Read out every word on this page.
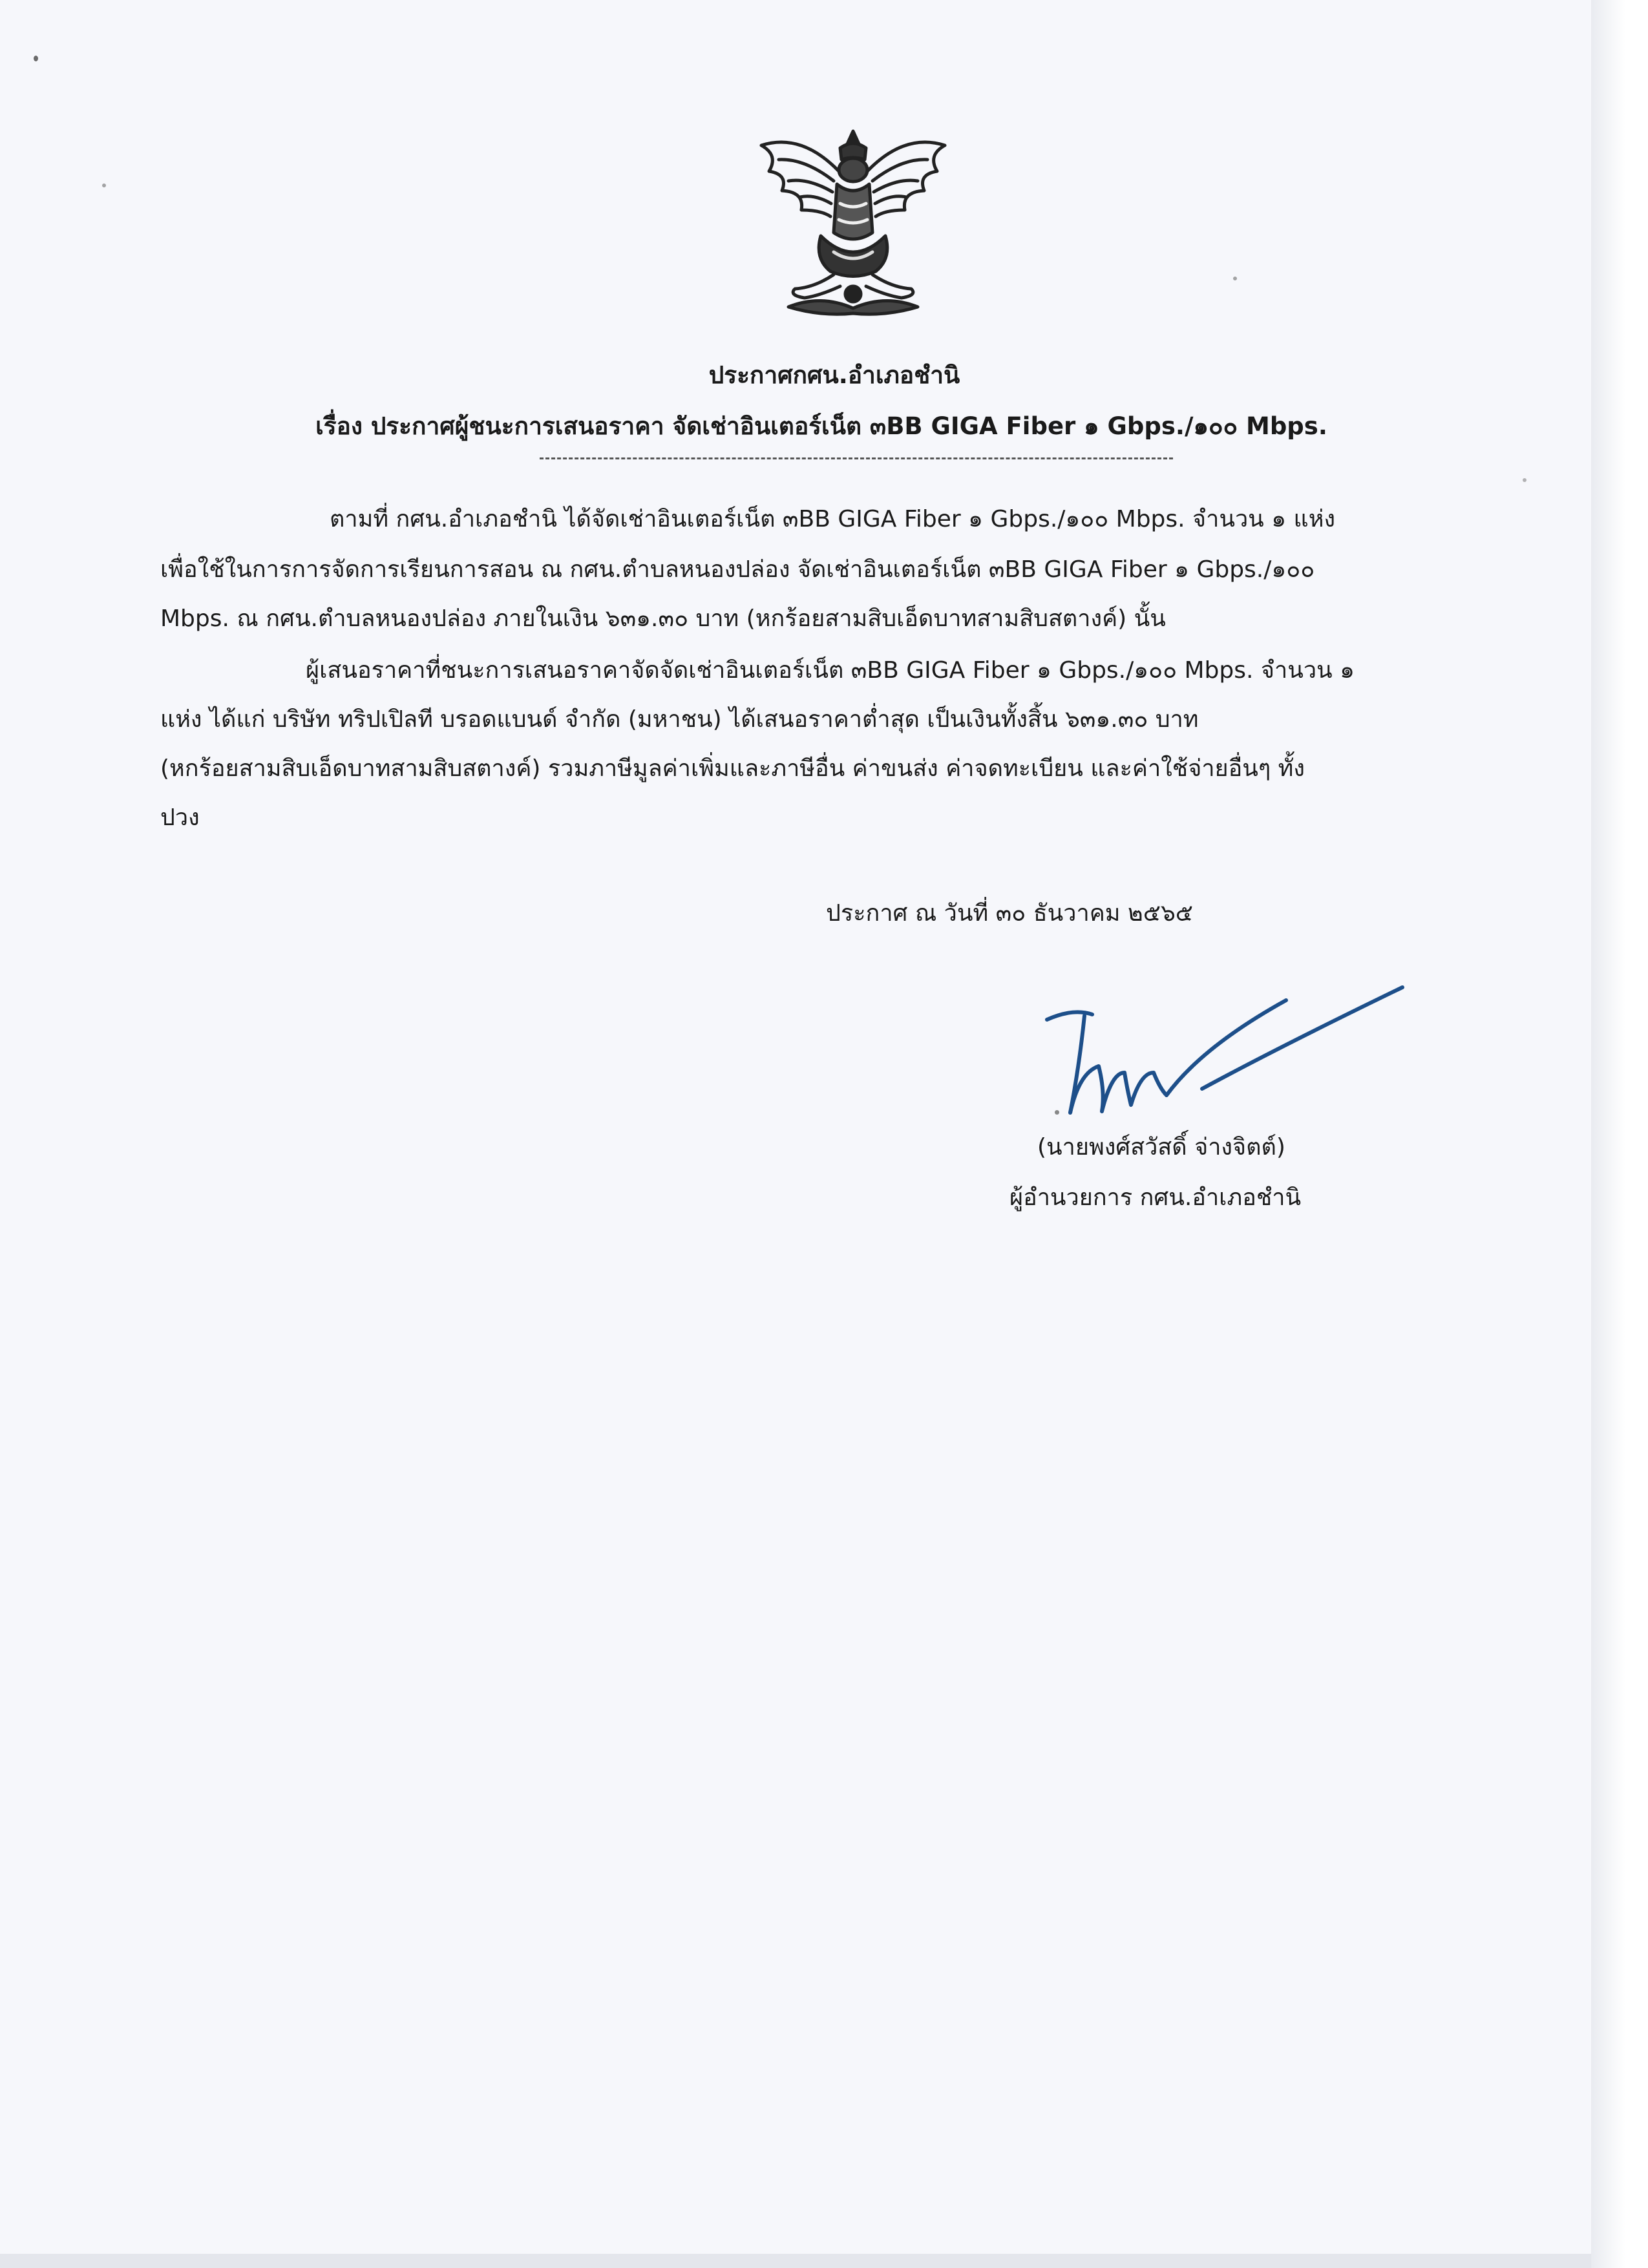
ประกาศกศน.อำเภอชำนิ
เรื่อง ประกาศผู้ชนะการเสนอราคา จัดเช่าอินเตอร์เน็ต ๓BB GIGA Fiber ๑ Gbps./๑๐๐ Mbps.
ตามที่ กศน.อำเภอชำนิ ได้จัดเช่าอินเตอร์เน็ต ๓BB GIGA Fiber ๑ Gbps./๑๐๐ Mbps. จำนวน ๑ แห่ง
เพื่อใช้ในการการจัดการเรียนการสอน ณ กศน.ตำบลหนองปล่อง จัดเช่าอินเตอร์เน็ต ๓BB GIGA Fiber ๑ Gbps./๑๐๐
Mbps. ณ กศน.ตำบลหนองปล่อง ภายในเงิน ๖๓๑.๓๐ บาท (หกร้อยสามสิบเอ็ดบาทสามสิบสตางค์) นั้น
ผู้เสนอราคาที่ชนะการเสนอราคาจัดจัดเช่าอินเตอร์เน็ต ๓BB GIGA Fiber ๑ Gbps./๑๐๐ Mbps. จำนวน ๑
แห่ง ได้แก่ บริษัท ทริปเปิลที บรอดแบนด์ จำกัด (มหาชน) ได้เสนอราคาต่ำสุด เป็นเงินทั้งสิ้น ๖๓๑.๓๐ บาท
(หกร้อยสามสิบเอ็ดบาทสามสิบสตางค์) รวมภาษีมูลค่าเพิ่มและภาษีอื่น ค่าขนส่ง ค่าจดทะเบียน และค่าใช้จ่ายอื่นๆ ทั้ง
ปวง
ประกาศ ณ วันที่ ๓๐ ธันวาคม ๒๕๖๕
(นายพงศ์สวัสดิ์ จ่างจิตต์)
ผู้อำนวยการ กศน.อำเภอชำนิ
